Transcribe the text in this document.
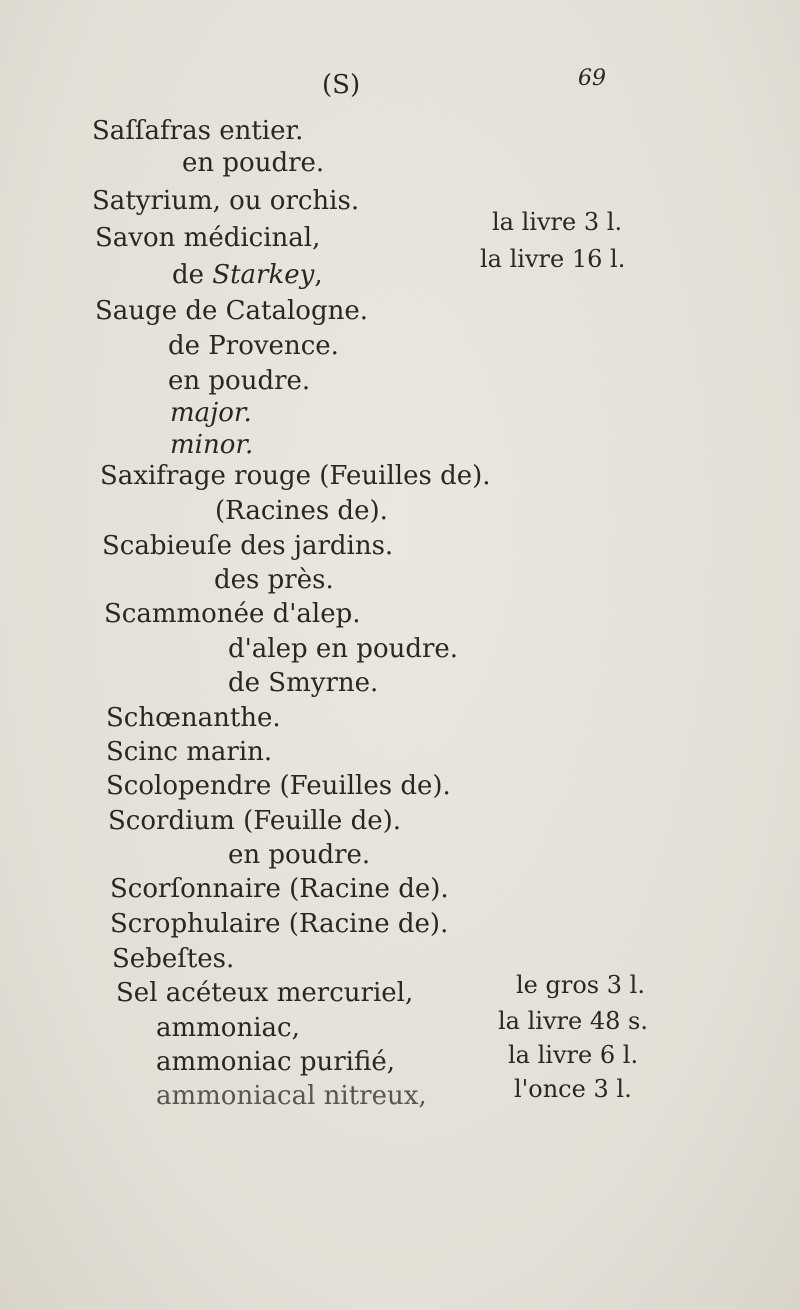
(S)	69
Saſſafras entier.
en poudre.
Satyrium, ou orchis.
Savon médicinal,
de Starkey,
Sauge de Catalogne.
de Provence.
en poudre.
major.
minor.
Saxifrage rouge (Feuilles de).
(Racines de).
Scabieuſe des jardins.
des près.
Scammonée d'alep.
d'alep en poudre.
de Smyrne.
Schœnanthe.
Scinc marin.
Scolopendre (Feuilles de).
Scordium (Feuille de).
en poudre.
Scorſonnaire (Racine de).
Scrophulaire (Racine de).
Sebeſtes.
Sel acéteux mercuriel,
ammoniac,
ammoniac purifié,
ammoniacal nitreux,
la livre 3 l.
la livre 16 l.
le gros 3 l.
la livre 48 s.
la livre 6 l.
l'once 3 l.
